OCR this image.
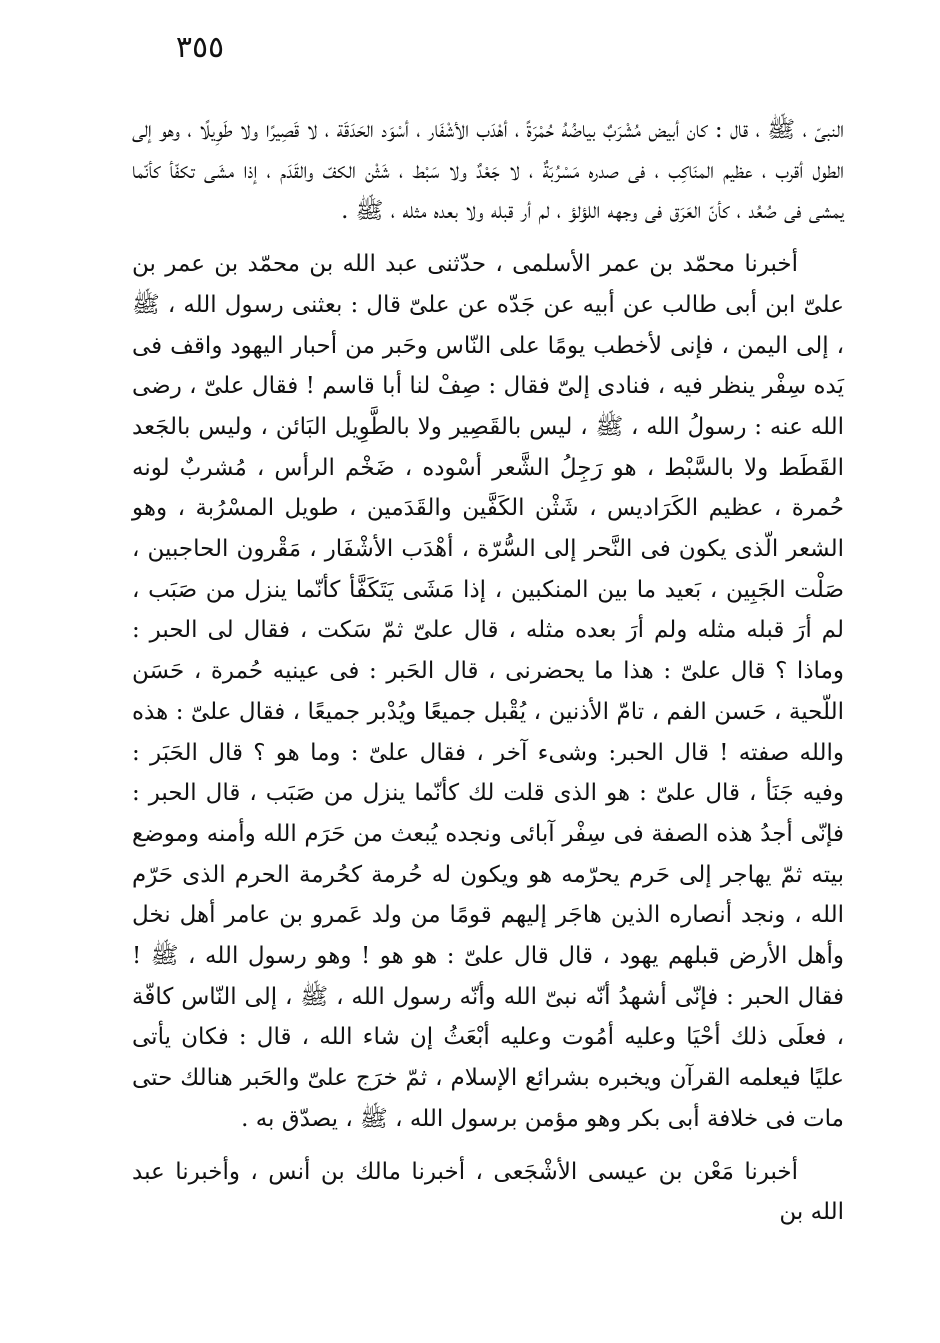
٣٥٥

النبىّ ، ﷺ ، قال : كان أبيض مُشْرَبٌ بياضُهُ حُمْرَةً ، أهْدَب الأشْفَار ، أسْوَد الحَدَقَة ، لا قَصِيرًا ولا طَوِيلًا ، وهو إلى الطول أقرب ، عظيم المنَاكِب ، فى صدره مَسْرُبَةٌ ، لا جَعْدٌ ولا سَبْط ، شَثْن الكفّ والقَدَم ، إذا مشَى تكفّأ كأنّما يمشى فى صُعُد ، كأنّ العَرَق فى وجهه اللؤلؤ ، لم أر قبله ولا بعده مثله ، ﷺ .

أخبرنا محمّد بن عمر الأسلمى ، حدّثنى عبد الله بن محمّد بن عمر بن علىّ ابن أبى طالب عن أبيه عن جَدّه عن علىّ قال : بعثنى رسول الله ، ﷺ ، إلى اليمن ، فإنى لأخطب يومًا على النّاس وحَبر من أحبار اليهود واقف فى يَده سِفْر ينظر فيه ، فنادى إلىّ فقال : صِفْ لنا أبا قاسم ! فقال علىّ ، رضى الله عنه : رسولُ الله ، ﷺ ، ليس بالقَصِير ولا بالطَّوِيل البَائن ، وليس بالجَعد القَطَط ولا بالسَّبْط ، هو رَجِلُ الشَّعر أسْوده ، ضَخْم الرأس ، مُشربٌ لونه حُمرة ، عظيم الكَرَاديس ، شَثْن الكَفَّين والقَدَمين ، طويل المسْرُبة ، وهو الشعر الّذى يكون فى النَّحر إلى السُّرّة ، أهْدَب الأشْفَار ، مَقْرون الحاجبين ، صَلْت الجَبِين ، بَعيد ما بين المنكبين ، إذا مَشَى يَتَكَفَّأ كأنّما ينزل من صَبَب ، لم أرَ قبله مثله ولم أرَ بعده مثله ، قال علىّ ثمّ سَكت ، فقال لى الحبر : وماذا ؟ قال علىّ : هذا ما يحضرنى ، قال الحَبر : فى عينيه حُمرة ، حَسَن اللّحية ، حَسن الفم ، تامّ الأذنين ، يُقْبل جميعًا ويُدْبر جميعًا ، فقال علىّ : هذه والله صفته ! قال الحبر: وشىء آخر ، فقال علىّ : وما هو ؟ قال الحَبَر : وفيه جَنَأ ، قال علىّ : هو الذى قلت لك كأنّما ينزل من صَبَب ، قال الحبر : فإنّى أجدُ هذه الصفة فى سِفْر آبائى ونجده يُبعث من حَرَم الله وأمنه وموضع بيته ثمّ يهاجر إلى حَرم يحرّمه هو ويكون له حُرمة كحُرمة الحرم الذى حَرّم الله ، ونجد أنصاره الذين هاجَر إليهم قومًا من ولد عَمرو بن عامر أهل نخل وأهل الأرض قبلهم يهود ، قال قال علىّ : هو هو ! وهو رسول الله ، ﷺ ! فقال الحبر : فإنّى أشهدُ أنّه نبىّ الله وأنّه رسول الله ، ﷺ ، إلى النّاس كافّة ، فعلَى ذلك أحْيَا وعليه أمُوت وعليه أبْعَثُ إن شاء الله ، قال : فكان يأتى عليًا فيعلمه القرآن ويخبره بشرائع الإسلام ، ثمّ خرَج علىّ والحَبر هنالك حتى مات فى خلافة أبى بكر وهو مؤمن برسول الله ، ﷺ ، يصدّق به .

أخبرنا مَعْن بن عيسى الأشْجَعى ، أخبرنا مالك بن أنس ، وأخبرنا عبد الله بن
